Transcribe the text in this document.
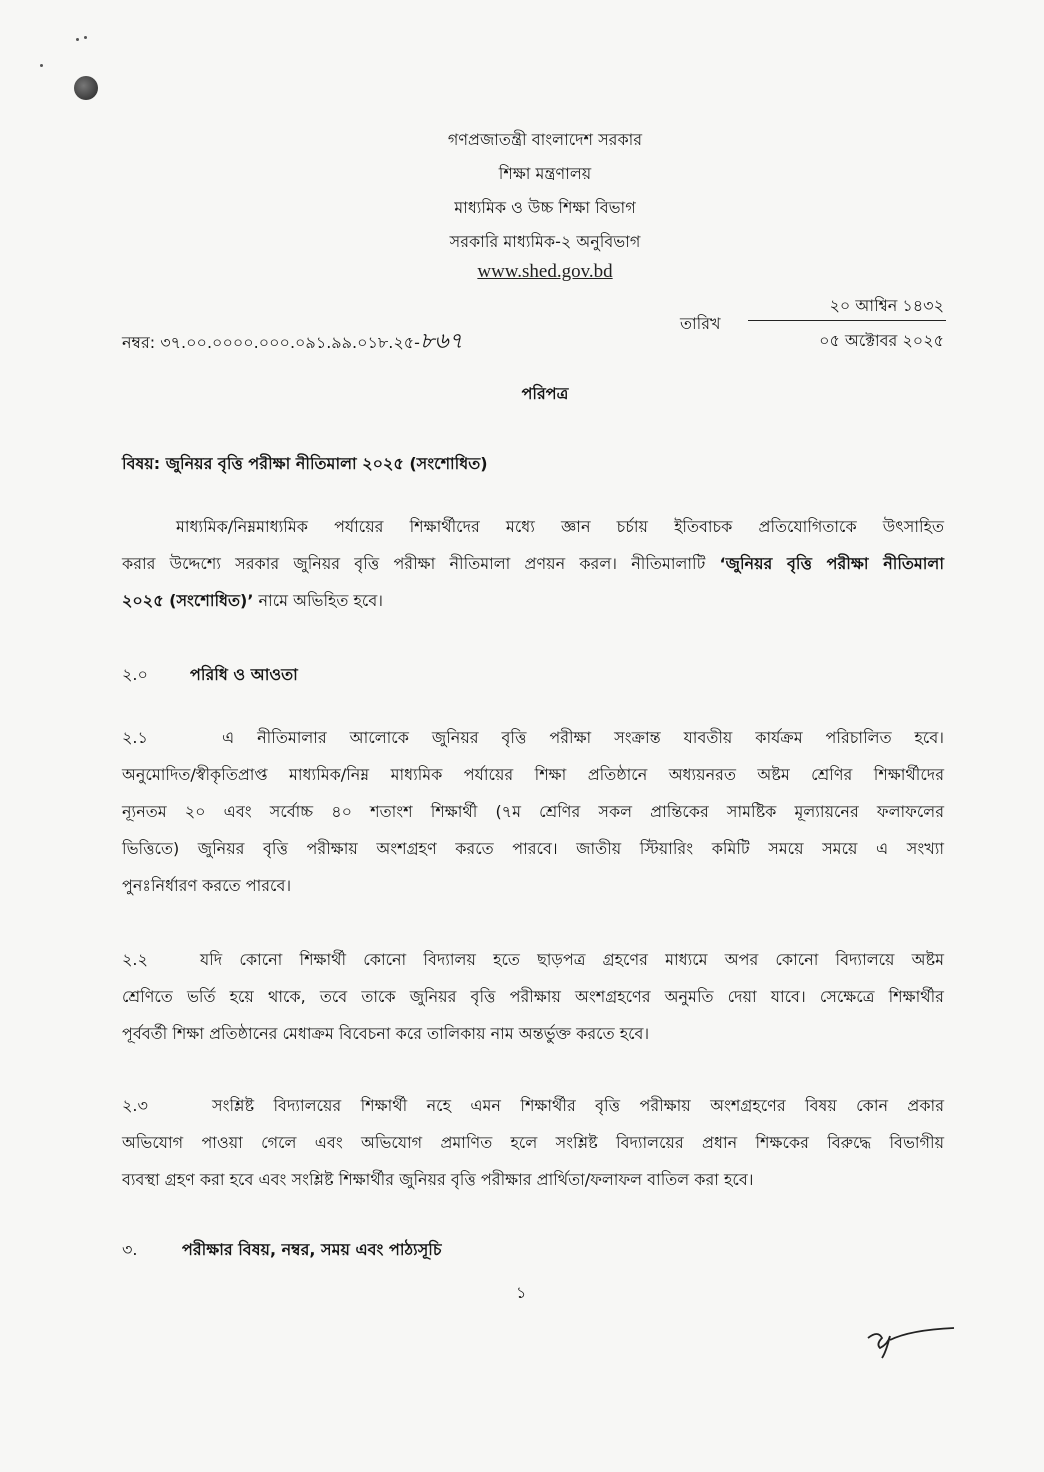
গণপ্রজাতন্ত্রী বাংলাদেশ সরকার
শিক্ষা মন্ত্রণালয়
মাধ্যমিক ও উচ্চ শিক্ষা বিভাগ
সরকারি মাধ্যমিক-২ অনুবিভাগ
www.shed.gov.bd
নম্বর: ৩৭.০০.০০০০.০০০.০৯১.৯৯.০১৮.২৫-৮৬৭
তারিখ
২০ আশ্বিন ১৪৩২
০৫ অক্টোবর ২০২৫
পরিপত্র
বিষয়: জুনিয়র বৃত্তি পরীক্ষা নীতিমালা ২০২৫ (সংশোধিত)
মাধ্যমিক/নিম্নমাধ্যমিক পর্যায়ের শিক্ষার্থীদের মধ্যে জ্ঞান চর্চায় ইতিবাচক প্রতিযোগিতাকে উৎসাহিত
করার উদ্দেশ্যে সরকার জুনিয়র বৃত্তি পরীক্ষা নীতিমালা প্রণয়ন করল। নীতিমালাটি ‘জুনিয়র বৃত্তি পরীক্ষা নীতিমালা
২০২৫ (সংশোধিত)’ নামে অভিহিত হবে।
২.০	পরিধি ও আওতা
২.১	এ নীতিমালার আলোকে জুনিয়র বৃত্তি পরীক্ষা সংক্রান্ত যাবতীয় কার্যক্রম পরিচালিত হবে।
অনুমোদিত/স্বীকৃতিপ্রাপ্ত মাধ্যমিক/নিম্ন মাধ্যমিক পর্যায়ের শিক্ষা প্রতিষ্ঠানে অধ্যয়নরত অষ্টম শ্রেণির শিক্ষার্থীদের
ন্যূনতম ২০ এবং সর্বোচ্চ ৪০ শতাংশ শিক্ষার্থী (৭ম শ্রেণির সকল প্রান্তিকের সামষ্টিক মূল্যায়নের ফলাফলের
ভিত্তিতে) জুনিয়র বৃত্তি পরীক্ষায় অংশগ্রহণ করতে পারবে। জাতীয় স্টিয়ারিং কমিটি সময়ে সময়ে এ সংখ্যা
পুনঃনির্ধারণ করতে পারবে।
২.২	যদি কোনো শিক্ষার্থী কোনো বিদ্যালয় হতে ছাড়পত্র গ্রহণের মাধ্যমে অপর কোনো বিদ্যালয়ে অষ্টম
শ্রেণিতে ভর্তি হয়ে থাকে, তবে তাকে জুনিয়র বৃত্তি পরীক্ষায় অংশগ্রহণের অনুমতি দেয়া যাবে। সেক্ষেত্রে শিক্ষার্থীর
পূর্ববর্তী শিক্ষা প্রতিষ্ঠানের মেধাক্রম বিবেচনা করে তালিকায় নাম অন্তর্ভুক্ত করতে হবে।
২.৩	সংশ্লিষ্ট বিদ্যালয়ের শিক্ষার্থী নহে এমন শিক্ষার্থীর বৃত্তি পরীক্ষায় অংশগ্রহণের বিষয় কোন প্রকার
অভিযোগ পাওয়া গেলে এবং অভিযোগ প্রমাণিত হলে সংশ্লিষ্ট বিদ্যালয়ের প্রধান শিক্ষকের বিরুদ্ধে বিভাগীয়
ব্যবস্থা গ্রহণ করা হবে এবং সংশ্লিষ্ট শিক্ষার্থীর জুনিয়র বৃত্তি পরীক্ষার প্রার্থিতা/ফলাফল বাতিল করা হবে।
৩.	পরীক্ষার বিষয়, নম্বর, সময় এবং পাঠ্যসূচি
১
